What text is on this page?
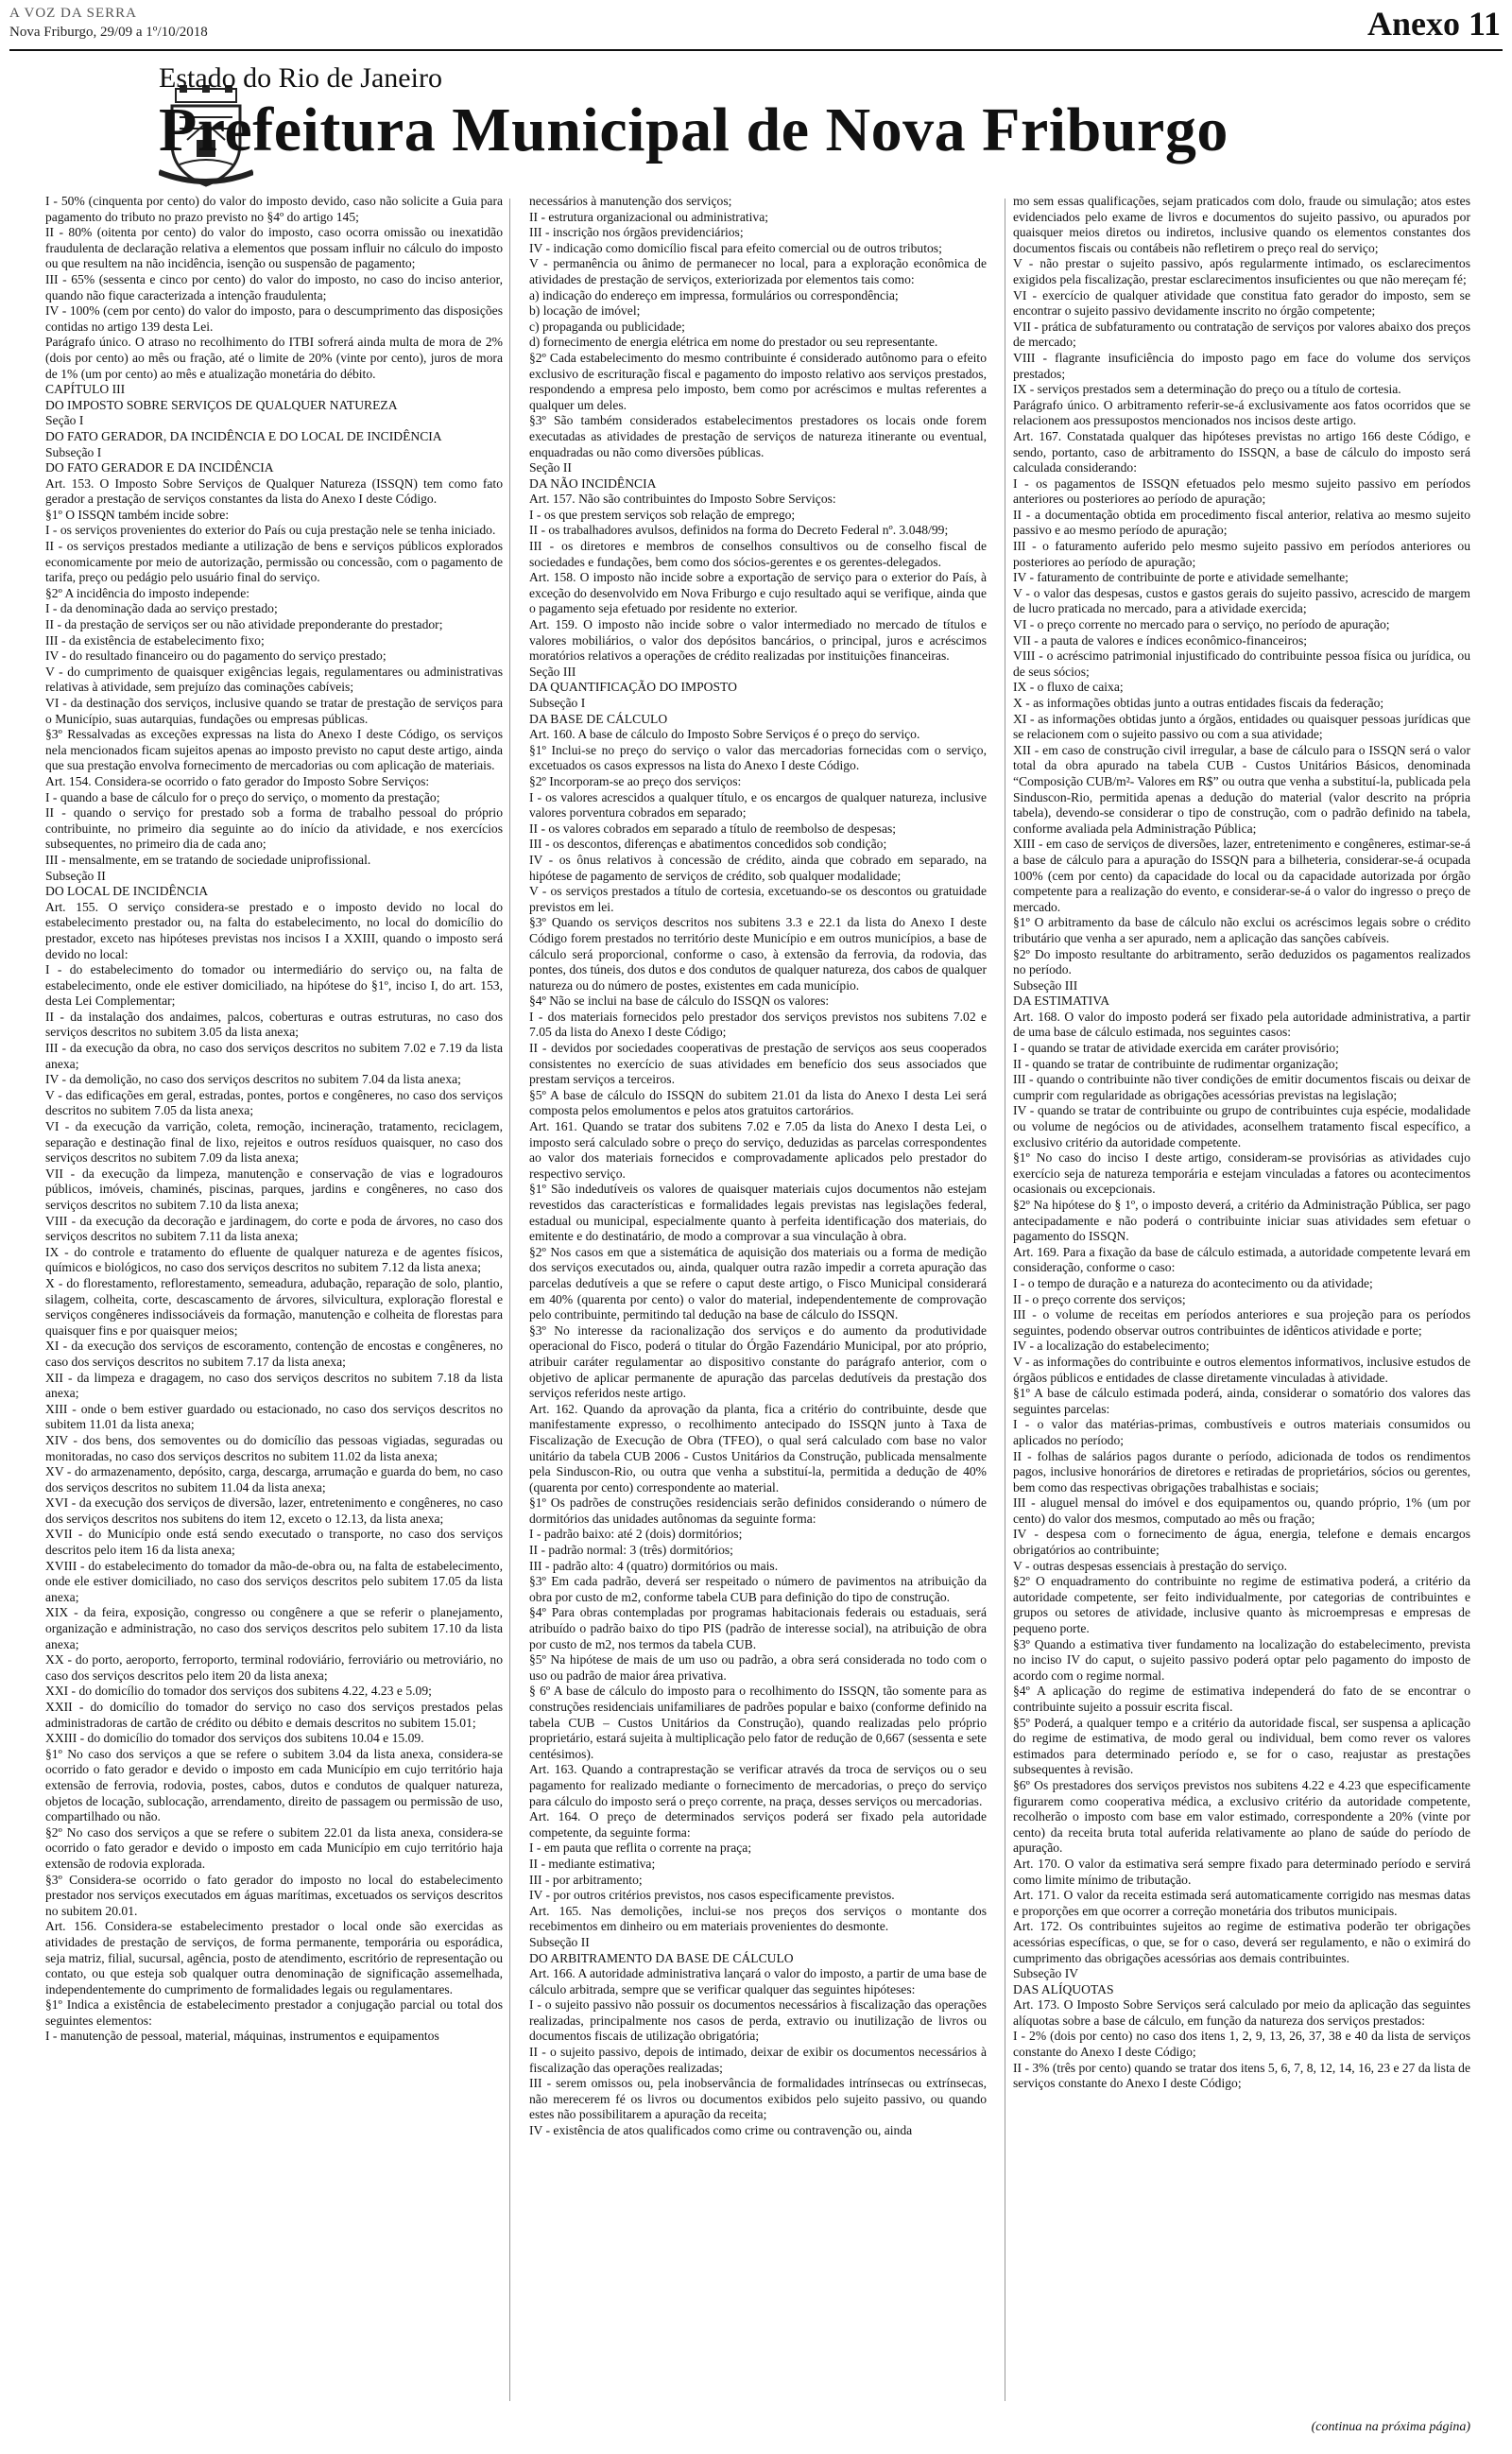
A VOZ DA SERRA
Nova Friburgo, 29/09 a 1º/10/2018	Anexo 11
Estado do Rio de Janeiro
Prefeitura Municipal de Nova Friburgo

I - 50% (cinquenta por cento) do valor do imposto devido, caso não solicite a Guia para pagamento do tributo no prazo previsto no §4º do artigo 145;

II - 80% (oitenta por cento) do valor do imposto, caso ocorra omissão ou inexatidão fraudulenta de declaração relativa a elementos que possam influir no cálculo do imposto ou que resultem na não incidência, isenção ou suspensão de pagamento;

III - 65% (sessenta e cinco por cento) do valor do imposto, no caso do inciso anterior, quando não fique caracterizada a intenção fraudulenta;

IV - 100% (cem por cento) do valor do imposto, para o descumprimento das disposições contidas no artigo 139 desta Lei.

Parágrafo único. O atraso no recolhimento do ITBI sofrerá ainda multa de mora de 2% (dois por cento) ao mês ou fração, até o limite de 20% (vinte por cento), juros de mora de 1% (um por cento) ao mês e atualização monetária do débito.

CAPÍTULO III

DO IMPOSTO SOBRE SERVIÇOS DE QUALQUER NATUREZA

Seção I

DO FATO GERADOR, DA INCIDÊNCIA E DO LOCAL DE INCIDÊNCIA

Subseção I

DO FATO GERADOR E DA INCIDÊNCIA

Art. 153. O Imposto Sobre Serviços de Qualquer Natureza (ISSQN) tem como fato gerador a prestação de serviços constantes da lista do Anexo I deste Código.

§1º O ISSQN também incide sobre:

I - os serviços provenientes do exterior do País ou cuja prestação nele se tenha iniciado.

II - os serviços prestados mediante a utilização de bens e serviços públicos explorados economicamente por meio de autorização, permissão ou concessão, com o pagamento de tarifa, preço ou pedágio pelo usuário final do serviço.

§2º A incidência do imposto independe:

I - da denominação dada ao serviço prestado;

II - da prestação de serviços ser ou não atividade preponderante do prestador;

III - da existência de estabelecimento fixo;

IV - do resultado financeiro ou do pagamento do serviço prestado;

V - do cumprimento de quaisquer exigências legais, regulamentares ou administrativas relativas à atividade, sem prejuízo das cominações cabíveis;

VI - da destinação dos serviços, inclusive quando se tratar de prestação de serviços para o Município, suas autarquias, fundações ou empresas públicas.

§3º Ressalvadas as exceções expressas na lista do Anexo I deste Código, os serviços nela mencionados ficam sujeitos apenas ao imposto previsto no caput deste artigo, ainda que sua prestação envolva fornecimento de mercadorias ou com aplicação de materiais.

Art. 154. Considera-se ocorrido o fato gerador do Imposto Sobre Serviços:

I - quando a base de cálculo for o preço do serviço, o momento da prestação;

II - quando o serviço for prestado sob a forma de trabalho pessoal do próprio contribuinte, no primeiro dia seguinte ao do início da atividade, e nos exercícios subsequentes, no primeiro dia de cada ano;

III - mensalmente, em se tratando de sociedade uniprofissional.

Subseção II

DO LOCAL DE INCIDÊNCIA

Art. 155. O serviço considera-se prestado e o imposto devido no local do estabelecimento prestador ou, na falta do estabelecimento, no local do domicílio do prestador, exceto nas hipóteses previstas nos incisos I a XXIII, quando o imposto será devido no local:

I - do estabelecimento do tomador ou intermediário do serviço ou, na falta de estabelecimento, onde ele estiver domiciliado, na hipótese do §1º, inciso I, do art. 153, desta Lei Complementar;

II - da instalação dos andaimes, palcos, coberturas e outras estruturas, no caso dos serviços descritos no subitem 3.05 da lista anexa;

III - da execução da obra, no caso dos serviços descritos no subitem 7.02 e 7.19 da lista anexa;

IV - da demolição, no caso dos serviços descritos no subitem 7.04 da lista anexa;

V - das edificações em geral, estradas, pontes, portos e congêneres, no caso dos serviços descritos no subitem 7.05 da lista anexa;

VI - da execução da varrição, coleta, remoção, incineração, tratamento, reciclagem, separação e destinação final de lixo, rejeitos e outros resíduos quaisquer, no caso dos serviços descritos no subitem 7.09 da lista anexa;

VII - da execução da limpeza, manutenção e conservação de vias e logradouros públicos, imóveis, chaminés, piscinas, parques, jardins e congêneres, no caso dos serviços descritos no subitem 7.10 da lista anexa;

VIII - da execução da decoração e jardinagem, do corte e poda de árvores, no caso dos serviços descritos no subitem 7.11 da lista anexa;

IX - do controle e tratamento do efluente de qualquer natureza e de agentes físicos, químicos e biológicos, no caso dos serviços descritos no subitem 7.12 da lista anexa;

X - do florestamento, reflorestamento, semeadura, adubação, reparação de solo, plantio, silagem, colheita, corte, descascamento de árvores, silvicultura, exploração florestal e serviços congêneres indissociáveis da formação, manutenção e colheita de florestas para quaisquer fins e por quaisquer meios;

XI - da execução dos serviços de escoramento, contenção de encostas e congêneres, no caso dos serviços descritos no subitem 7.17 da lista anexa;

XII - da limpeza e dragagem, no caso dos serviços descritos no subitem 7.18 da lista anexa;

XIII - onde o bem estiver guardado ou estacionado, no caso dos serviços descritos no subitem 11.01 da lista anexa;

XIV - dos bens, dos semoventes ou do domicílio das pessoas vigiadas, seguradas ou monitoradas, no caso dos serviços descritos no subitem 11.02 da lista anexa;

XV - do armazenamento, depósito, carga, descarga, arrumação e guarda do bem, no caso dos serviços descritos no subitem 11.04 da lista anexa;

XVI - da execução dos serviços de diversão, lazer, entretenimento e congêneres, no caso dos serviços descritos nos subitens do item 12, exceto o 12.13, da lista anexa;

XVII - do Município onde está sendo executado o transporte, no caso dos serviços descritos pelo item 16 da lista anexa;

XVIII - do estabelecimento do tomador da mão-de-obra ou, na falta de estabelecimento, onde ele estiver domiciliado, no caso dos serviços descritos pelo subitem 17.05 da lista anexa;

XIX - da feira, exposição, congresso ou congênere a que se referir o planejamento, organização e administração, no caso dos serviços descritos pelo subitem 17.10 da lista anexa;

XX - do porto, aeroporto, ferroporto, terminal rodoviário, ferroviário ou metroviário, no caso dos serviços descritos pelo item 20 da lista anexa;

XXI - do domicílio do tomador dos serviços dos subitens 4.22, 4.23 e 5.09;

XXII - do domicílio do tomador do serviço no caso dos serviços prestados pelas administradoras de cartão de crédito ou débito e demais descritos no subitem 15.01;

XXIII - do domicílio do tomador dos serviços dos subitens 10.04 e 15.09.

§1º No caso dos serviços a que se refere o subitem 3.04 da lista anexa, considera-se ocorrido o fato gerador e devido o imposto em cada Município em cujo território haja extensão de ferrovia, rodovia, postes, cabos, dutos e condutos de qualquer natureza, objetos de locação, sublocação, arrendamento, direito de passagem ou permissão de uso, compartilhado ou não.

§2º No caso dos serviços a que se refere o subitem 22.01 da lista anexa, considera-se ocorrido o fato gerador e devido o imposto em cada Município em cujo território haja extensão de rodovia explorada.

§3º Considera-se ocorrido o fato gerador do imposto no local do estabelecimento prestador nos serviços executados em águas marítimas, excetuados os serviços descritos no subitem 20.01.

Art. 156. Considera-se estabelecimento prestador o local onde são exercidas as atividades de prestação de serviços, de forma permanente, temporária ou esporádica, seja matriz, filial, sucursal, agência, posto de atendimento, escritório de representação ou contato, ou que esteja sob qualquer outra denominação de significação assemelhada, independentemente do cumprimento de formalidades legais ou regulamentares.

§1º Indica a existência de estabelecimento prestador a conjugação parcial ou total dos seguintes elementos:

I - manutenção de pessoal, material, máquinas, instrumentos e equipamentos

necessários à manutenção dos serviços;

II - estrutura organizacional ou administrativa;

III - inscrição nos órgãos previdenciários;

IV - indicação como domicílio fiscal para efeito comercial ou de outros tributos;

V - permanência ou ânimo de permanecer no local, para a exploração econômica de atividades de prestação de serviços, exteriorizada por elementos tais como:

a) indicação do endereço em impressa, formulários ou correspondência;

b) locação de imóvel;

c) propaganda ou publicidade;

d) fornecimento de energia elétrica em nome do prestador ou seu representante.

§2º Cada estabelecimento do mesmo contribuinte é considerado autônomo para o efeito exclusivo de escrituração fiscal e pagamento do imposto relativo aos serviços prestados, respondendo a empresa pelo imposto, bem como por acréscimos e multas referentes a qualquer um deles.

§3º São também considerados estabelecimentos prestadores os locais onde forem executadas as atividades de prestação de serviços de natureza itinerante ou eventual, enquadradas ou não como diversões públicas.

Seção II

DA NÃO INCIDÊNCIA

Art. 157. Não são contribuintes do Imposto Sobre Serviços:

I - os que prestem serviços sob relação de emprego;

II - os trabalhadores avulsos, definidos na forma do Decreto Federal nº. 3.048/99;

III - os diretores e membros de conselhos consultivos ou de conselho fiscal de sociedades e fundações, bem como dos sócios-gerentes e os gerentes-delegados.

Art. 158. O imposto não incide sobre a exportação de serviço para o exterior do País, à exceção do desenvolvido em Nova Friburgo e cujo resultado aqui se verifique, ainda que o pagamento seja efetuado por residente no exterior.

Art. 159. O imposto não incide sobre o valor intermediado no mercado de títulos e valores mobiliários, o valor dos depósitos bancários, o principal, juros e acréscimos moratórios relativos a operações de crédito realizadas por instituições financeiras.

Seção III

DA QUANTIFICAÇÃO DO IMPOSTO

Subseção I

DA BASE DE CÁLCULO

Art. 160. A base de cálculo do Imposto Sobre Serviços é o preço do serviço.

§1º Inclui-se no preço do serviço o valor das mercadorias fornecidas com o serviço, excetuados os casos expressos na lista do Anexo I deste Código.

§2º Incorporam-se ao preço dos serviços:

I - os valores acrescidos a qualquer título, e os encargos de qualquer natureza, inclusive valores porventura cobrados em separado;

II - os valores cobrados em separado a título de reembolso de despesas;

III - os descontos, diferenças e abatimentos concedidos sob condição;

IV - os ônus relativos à concessão de crédito, ainda que cobrado em separado, na hipótese de pagamento de serviços de crédito, sob qualquer modalidade;

V - os serviços prestados a título de cortesia, excetuando-se os descontos ou gratuidade previstos em lei.

§3º Quando os serviços descritos nos subitens 3.3 e 22.1 da lista do Anexo I deste Código forem prestados no território deste Município e em outros municípios, a base de cálculo será proporcional, conforme o caso, à extensão da ferrovia, da rodovia, das pontes, dos túneis, dos dutos e dos condutos de qualquer natureza, dos cabos de qualquer natureza ou do número de postes, existentes em cada município.

§4º Não se inclui na base de cálculo do ISSQN os valores:

I - dos materiais fornecidos pelo prestador dos serviços previstos nos subitens 7.02 e 7.05 da lista do Anexo I deste Código;

II - devidos por sociedades cooperativas de prestação de serviços aos seus cooperados consistentes no exercício de suas atividades em benefício dos seus associados que prestam serviços a terceiros.

§5º A base de cálculo do ISSQN do subitem 21.01 da lista do Anexo I desta Lei será composta pelos emolumentos e pelos atos gratuitos cartorários.

Art. 161. Quando se tratar dos subitens 7.02 e 7.05 da lista do Anexo I desta Lei, o imposto será calculado sobre o preço do serviço, deduzidas as parcelas correspondentes ao valor dos materiais fornecidos e comprovadamente aplicados pelo prestador do respectivo serviço.

§1º São indedutíveis os valores de quaisquer materiais cujos documentos não estejam revestidos das características e formalidades legais previstas nas legislações federal, estadual ou municipal, especialmente quanto à perfeita identificação dos materiais, do emitente e do destinatário, de modo a comprovar a sua vinculação à obra.

§2º Nos casos em que a sistemática de aquisição dos materiais ou a forma de medição dos serviços executados ou, ainda, qualquer outra razão impedir a correta apuração das parcelas dedutíveis a que se refere o caput deste artigo, o Fisco Municipal considerará em 40% (quarenta por cento) o valor do material, independentemente de comprovação pelo contribuinte, permitindo tal dedução na base de cálculo do ISSQN.

§3º No interesse da racionalização dos serviços e do aumento da produtividade operacional do Fisco, poderá o titular do Órgão Fazendário Municipal, por ato próprio, atribuir caráter regulamentar ao dispositivo constante do parágrafo anterior, com o objetivo de aplicar permanente de apuração das parcelas dedutíveis da prestação dos serviços referidos neste artigo.

Art. 162. Quando da aprovação da planta, fica a critério do contribuinte, desde que manifestamente expresso, o recolhimento antecipado do ISSQN junto à Taxa de Fiscalização de Execução de Obra (TFEO), o qual será calculado com base no valor unitário da tabela CUB 2006 - Custos Unitários da Construção, publicada mensalmente pela Sinduscon-Rio, ou outra que venha a substituí-la, permitida a dedução de 40% (quarenta por cento) correspondente ao material.

§1º Os padrões de construções residenciais serão definidos considerando o número de dormitórios das unidades autônomas da seguinte forma:

I - padrão baixo: até 2 (dois) dormitórios;

II - padrão normal: 3 (três) dormitórios;

III - padrão alto: 4 (quatro) dormitórios ou mais.

§3º Em cada padrão, deverá ser respeitado o número de pavimentos na atribuição da obra por custo de m2, conforme tabela CUB para definição do tipo de construção.

§4º Para obras contempladas por programas habitacionais federais ou estaduais, será atribuído o padrão baixo do tipo PIS (padrão de interesse social), na atribuição de obra por custo de m2, nos termos da tabela CUB.

§5º Na hipótese de mais de um uso ou padrão, a obra será considerada no todo com o uso ou padrão de maior área privativa.

§ 6º A base de cálculo do imposto para o recolhimento do ISSQN, tão somente para as construções residenciais unifamiliares de padrões popular e baixo (conforme definido na tabela CUB – Custos Unitários da Construção), quando realizadas pelo próprio proprietário, estará sujeita à multiplicação pelo fator de redução de 0,667 (sessenta e sete centésimos).

Art. 163. Quando a contraprestação se verificar através da troca de serviços ou o seu pagamento for realizado mediante o fornecimento de mercadorias, o preço do serviço para cálculo do imposto será o preço corrente, na praça, desses serviços ou mercadorias.

Art. 164. O preço de determinados serviços poderá ser fixado pela autoridade competente, da seguinte forma:

I - em pauta que reflita o corrente na praça;

II - mediante estimativa;

III - por arbitramento;

IV - por outros critérios previstos, nos casos especificamente previstos.

Art. 165. Nas demolições, inclui-se nos preços dos serviços o montante dos recebimentos em dinheiro ou em materiais provenientes do desmonte.

Subseção II

DO ARBITRAMENTO DA BASE DE CÁLCULO

Art. 166. A autoridade administrativa lançará o valor do imposto, a partir de uma base de cálculo arbitrada, sempre que se verificar qualquer das seguintes hipóteses:

I - o sujeito passivo não possuir os documentos necessários à fiscalização das operações realizadas, principalmente nos casos de perda, extravio ou inutilização de livros ou documentos fiscais de utilização obrigatória;

II - o sujeito passivo, depois de intimado, deixar de exibir os documentos necessários à fiscalização das operações realizadas;

III - serem omissos ou, pela inobservância de formalidades intrínsecas ou extrínsecas, não merecerem fé os livros ou documentos exibidos pelo sujeito passivo, ou quando estes não possibilitarem a apuração da receita;

IV - existência de atos qualificados como crime ou contravenção ou, ainda

mo sem essas qualificações, sejam praticados com dolo, fraude ou simulação; atos estes evidenciados pelo exame de livros e documentos do sujeito passivo, ou apurados por quaisquer meios diretos ou indiretos, inclusive quando os elementos constantes dos documentos fiscais ou contábeis não refletirem o preço real do serviço;

V - não prestar o sujeito passivo, após regularmente intimado, os esclarecimentos exigidos pela fiscalização, prestar esclarecimentos insuficientes ou que não mereçam fé;

VI - exercício de qualquer atividade que constitua fato gerador do imposto, sem se encontrar o sujeito passivo devidamente inscrito no órgão competente;

VII - prática de subfaturamento ou contratação de serviços por valores abaixo dos preços de mercado;

VIII - flagrante insuficiência do imposto pago em face do volume dos serviços prestados;

IX - serviços prestados sem a determinação do preço ou a título de cortesia.

Parágrafo único. O arbitramento referir-se-á exclusivamente aos fatos ocorridos que se relacionem aos pressupostos mencionados nos incisos deste artigo.

Art. 167. Constatada qualquer das hipóteses previstas no artigo 166 deste Código, e sendo, portanto, caso de arbitramento do ISSQN, a base de cálculo do imposto será calculada considerando:

I - os pagamentos de ISSQN efetuados pelo mesmo sujeito passivo em períodos anteriores ou posteriores ao período de apuração;

II - a documentação obtida em procedimento fiscal anterior, relativa ao mesmo sujeito passivo e ao mesmo período de apuração;

III - o faturamento auferido pelo mesmo sujeito passivo em períodos anteriores ou posteriores ao período de apuração;

IV - faturamento de contribuinte de porte e atividade semelhante;

V - o valor das despesas, custos e gastos gerais do sujeito passivo, acrescido de margem de lucro praticada no mercado, para a atividade exercida;

VI - o preço corrente no mercado para o serviço, no período de apuração;

VII - a pauta de valores e índices econômico-financeiros;

VIII - o acréscimo patrimonial injustificado do contribuinte pessoa física ou jurídica, ou de seus sócios;

IX - o fluxo de caixa;

X - as informações obtidas junto a outras entidades fiscais da federação;

XI - as informações obtidas junto a órgãos, entidades ou quaisquer pessoas jurídicas que se relacionem com o sujeito passivo ou com a sua atividade;

XII - em caso de construção civil irregular, a base de cálculo para o ISSQN será o valor total da obra apurado na tabela CUB - Custos Unitários Básicos, denominada “Composição CUB/m²- Valores em R$” ou outra que venha a substituí-la, publicada pela Sinduscon-Rio, permitida apenas a dedução do material (valor descrito na própria tabela), devendo-se considerar o tipo de construção, com o padrão definido na tabela, conforme avaliada pela Administração Pública;

XIII - em caso de serviços de diversões, lazer, entretenimento e congêneres, estimar-se-á a base de cálculo para a apuração do ISSQN para a bilheteria, considerar-se-á ocupada 100% (cem por cento) da capacidade do local ou da capacidade autorizada por órgão competente para a realização do evento, e considerar-se-á o valor do ingresso o preço de mercado.

§1º O arbitramento da base de cálculo não exclui os acréscimos legais sobre o crédito tributário que venha a ser apurado, nem a aplicação das sanções cabíveis.

§2º Do imposto resultante do arbitramento, serão deduzidos os pagamentos realizados no período.

Subseção III

DA ESTIMATIVA

Art. 168. O valor do imposto poderá ser fixado pela autoridade administrativa, a partir de uma base de cálculo estimada, nos seguintes casos:

I - quando se tratar de atividade exercida em caráter provisório;

II - quando se tratar de contribuinte de rudimentar organização;

III - quando o contribuinte não tiver condições de emitir documentos fiscais ou deixar de cumprir com regularidade as obrigações acessórias previstas na legislação;

IV - quando se tratar de contribuinte ou grupo de contribuintes cuja espécie, modalidade ou volume de negócios ou de atividades, aconselhem tratamento fiscal específico, a exclusivo critério da autoridade competente.

§1º No caso do inciso I deste artigo, consideram-se provisórias as atividades cujo exercício seja de natureza temporária e estejam vinculadas a fatores ou acontecimentos ocasionais ou excepcionais.

§2º Na hipótese do § 1º, o imposto deverá, a critério da Administração Pública, ser pago antecipadamente e não poderá o contribuinte iniciar suas atividades sem efetuar o pagamento do ISSQN.

Art. 169. Para a fixação da base de cálculo estimada, a autoridade competente levará em consideração, conforme o caso:

I - o tempo de duração e a natureza do acontecimento ou da atividade;

II - o preço corrente dos serviços;

III - o volume de receitas em períodos anteriores e sua projeção para os períodos seguintes, podendo observar outros contribuintes de idênticos atividade e porte;

IV - a localização do estabelecimento;

V - as informações do contribuinte e outros elementos informativos, inclusive estudos de órgãos públicos e entidades de classe diretamente vinculadas à atividade.

§1º A base de cálculo estimada poderá, ainda, considerar o somatório dos valores das seguintes parcelas:

I - o valor das matérias-primas, combustíveis e outros materiais consumidos ou aplicados no período;

II - folhas de salários pagos durante o período, adicionada de todos os rendimentos pagos, inclusive honorários de diretores e retiradas de proprietários, sócios ou gerentes, bem como das respectivas obrigações trabalhistas e sociais;

III - aluguel mensal do imóvel e dos equipamentos ou, quando próprio, 1% (um por cento) do valor dos mesmos, computado ao mês ou fração;

IV - despesa com o fornecimento de água, energia, telefone e demais encargos obrigatórios ao contribuinte;

V - outras despesas essenciais à prestação do serviço.

§2º O enquadramento do contribuinte no regime de estimativa poderá, a critério da autoridade competente, ser feito individualmente, por categorias de contribuintes e grupos ou setores de atividade, inclusive quanto às microempresas e empresas de pequeno porte.

§3º Quando a estimativa tiver fundamento na localização do estabelecimento, prevista no inciso IV do caput, o sujeito passivo poderá optar pelo pagamento do imposto de acordo com o regime normal.

§4º A aplicação do regime de estimativa independerá do fato de se encontrar o contribuinte sujeito a possuir escrita fiscal.

§5º Poderá, a qualquer tempo e a critério da autoridade fiscal, ser suspensa a aplicação do regime de estimativa, de modo geral ou individual, bem como rever os valores estimados para determinado período e, se for o caso, reajustar as prestações subsequentes à revisão.

§6º Os prestadores dos serviços previstos nos subitens 4.22 e 4.23 que especificamente figurarem como cooperativa médica, a exclusivo critério da autoridade competente, recolherão o imposto com base em valor estimado, correspondente a 20% (vinte por cento) da receita bruta total auferida relativamente ao plano de saúde do período de apuração.

Art. 170. O valor da estimativa será sempre fixado para determinado período e servirá como limite mínimo de tributação.

Art. 171. O valor da receita estimada será automaticamente corrigido nas mesmas datas e proporções em que ocorrer a correção monetária dos tributos municipais.

Art. 172. Os contribuintes sujeitos ao regime de estimativa poderão ter obrigações acessórias específicas, o que, se for o caso, deverá ser regulamento, e não o eximirá do cumprimento das obrigações acessórias aos demais contribuintes.

Subseção IV

DAS ALÍQUOTAS

Art. 173. O Imposto Sobre Serviços será calculado por meio da aplicação das seguintes alíquotas sobre a base de cálculo, em função da natureza dos serviços prestados:

I - 2% (dois por cento) no caso dos itens 1, 2, 9, 13, 26, 37, 38 e 40 da lista de serviços constante do Anexo I deste Código;

II - 3% (três por cento) quando se tratar dos itens 5, 6, 7, 8, 12, 14, 16, 23 e 27 da lista de serviços constante do Anexo I deste Código;

(continua na próxima página)
